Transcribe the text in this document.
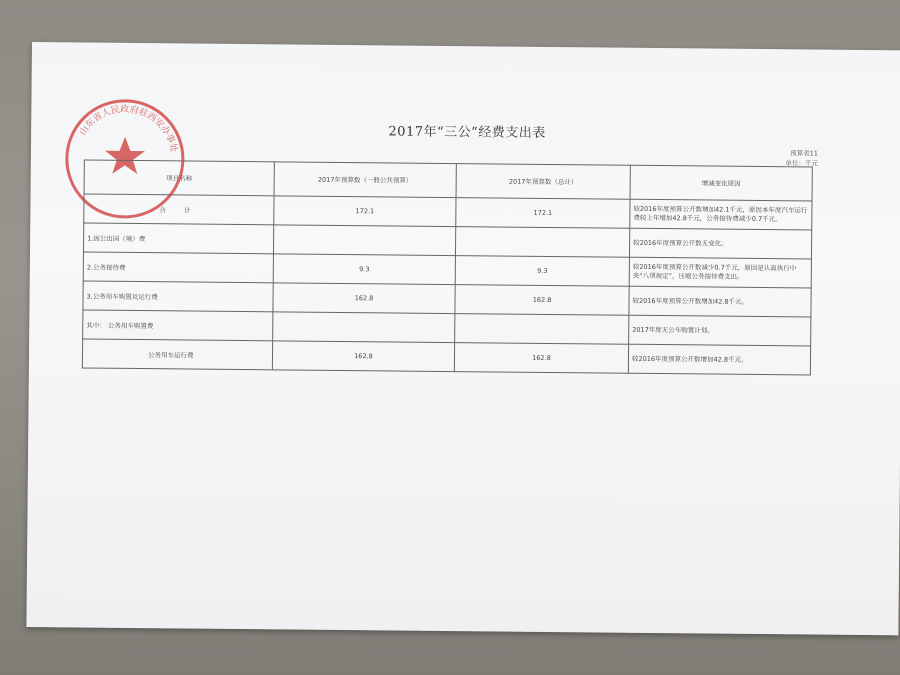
山东省人民政府驻西安办事处
2017年“三公”经费支出表
预算表11
单位：千元
项目名称	2017年预算数（一般公共预算）	2017年预算数（总计）	增减变化原因
合 计	172.1	172.1	较2016年度预算公开数增加42.1千元，原因本年度汽车运行费较上年增加42.8千元，公务接待费减少0.7千元。
1.因公出国（境）费			较2016年度预算公开数无变化。
2.公务接待费	9.3	9.3	较2016年度预算公开数减少0.7千元，原因是认真执行中央“八项规定”，压缩公务接待费支出。
3.公务用车购置及运行费	162.8	162.8	较2016年度预算公开数增加42.8千元。
其中： 公务用车购置费			2017年度无公车购置计划。
公务用车运行费	162.8	162.8	较2016年度预算公开数增加42.8千元。
